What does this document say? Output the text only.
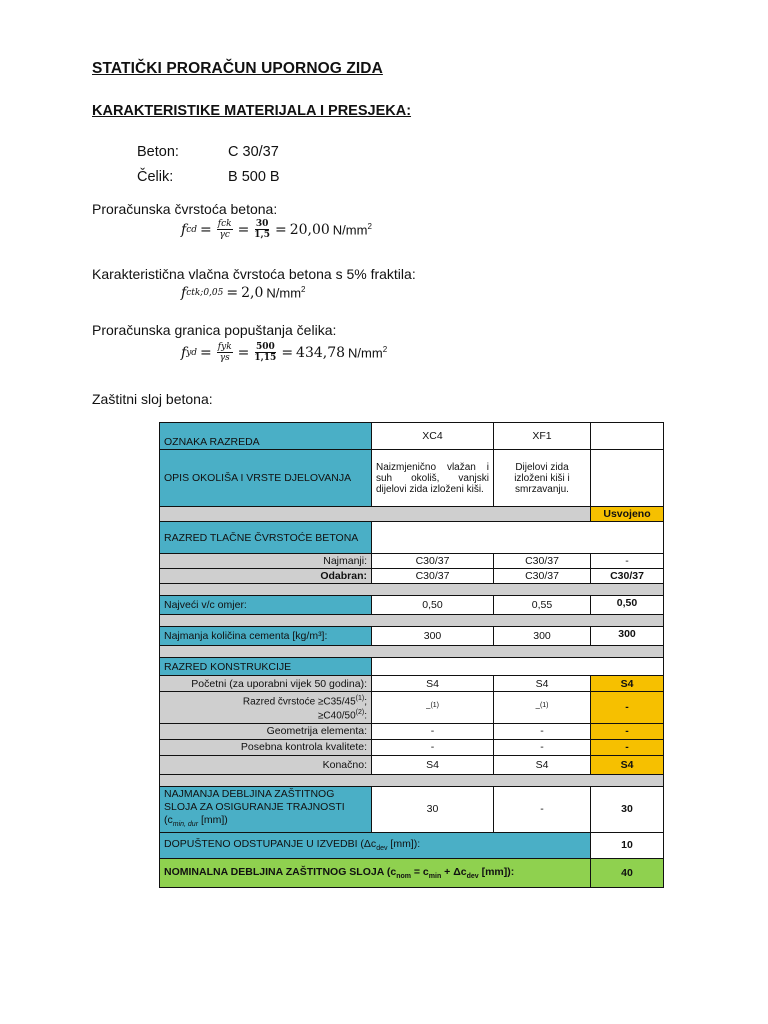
STATIČKI PRORAČUN UPORNOG ZIDA
KARAKTERISTIKE MATERIJALA I PRESJEKA:
Beton:	C 30/37
Čelik:	B 500 B
Proračunska čvrstoća betona:
f cd = $\frac{\text{fck}}{\gamma c} = \frac{30}{1,5} = 20,00$ $N/mm^2$
Karakteristična vlačna čvrstoća betona s 5% fraktila:
f ctk;0,05 = 2,0 $N/mm^2$
Proračunska granica popuštanja čelika:
f yd = $\frac{\text{fyk}}{\gamma s} = \frac{500}{1,15} = 434,78$ $N/mm^2$
Zaštitni sloj betona:
OZNAKA RAZREDA	XC4	XF1	
OPIS OKOLIŠA I VRSTE DJELOVANJA	Naizmjenično vlažan i suh okoliš, vanjski dijelovi zida izloženi kiši.	Dijelovi zida izloženi kiši i smrzavanju.	
			Usvojeno
RAZRED TLAČNE ČVRSTOĆE BETONA			
Najmanji:	C30/37	C30/37	-
Odabran:	C30/37	C30/37	C30/37

Najveći v/c omjer:	0,50	0,55	0,50

Najmanja količina cementa [kg/m³]:	300	300	300

RAZRED KONSTRUKCIJE			
Početni (za uporabni vijek 50 godina):	S4	S4	S4
Razred čvrstoće $\ge C35/45^{(1)}$;
$\ge C40/50^{(2)}$:	–$^{(1)}$	–$^{(1)}$	-
Geometrija elementa:	-	-	-
Posebna kontrola kvalitete:	-	-	-
Konačno:	S4	S4	S4

NAJMANJA DEBLJINA ZAŠTITNOG SLOJA ZA OSIGURANJE TRAJNOSTI ($c_{min, dur}$ [mm])	30	-	30
DOPUŠTENO ODSTUPANJE U IZVEDBI ($\Delta c_{dev}$ [mm]):			10
NOMINALNA DEBLJINA ZAŠTITNOG SLOJA ($c_{nom} = c_{min} + \Delta c_{dev}$ [mm]):			40
